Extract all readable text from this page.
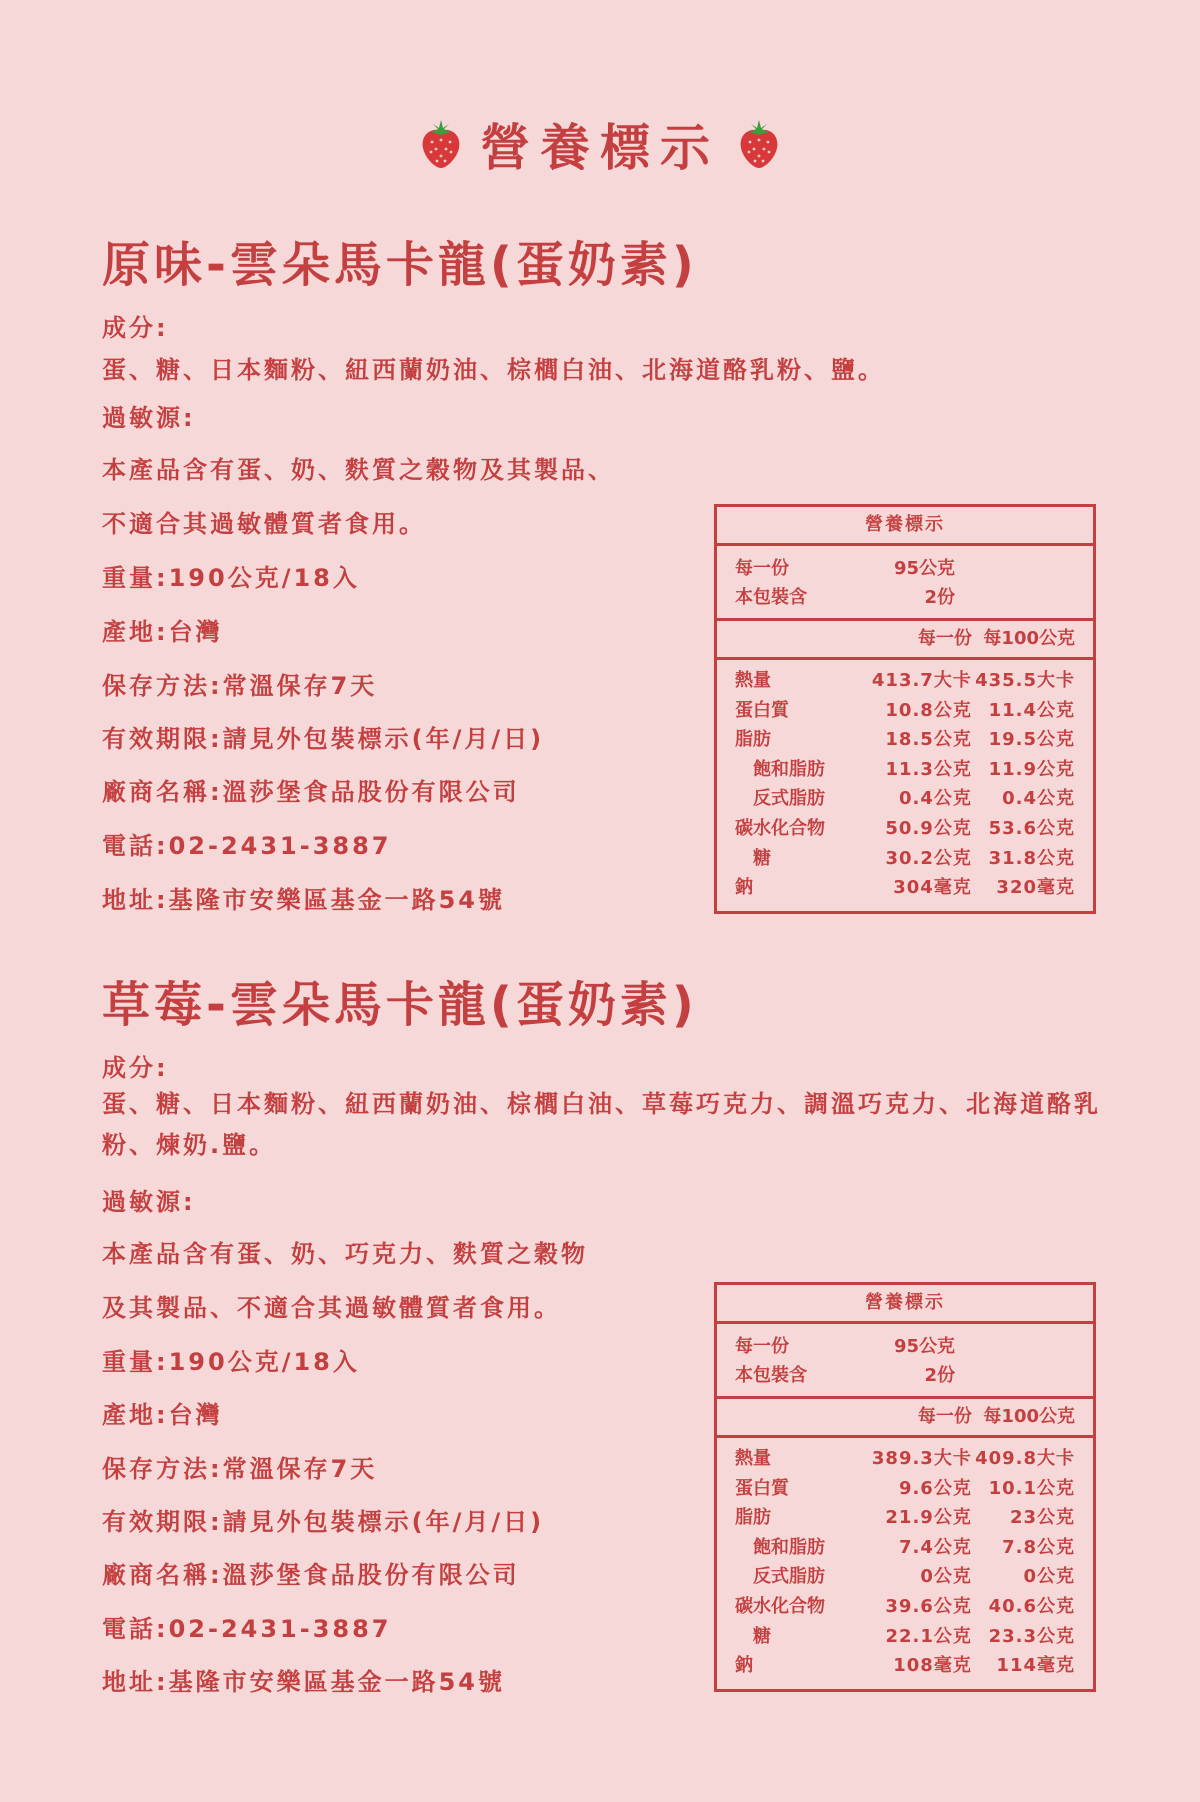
營養標示
原味-雲朵馬卡龍(蛋奶素)
成分:
蛋、糖、日本麵粉、紐西蘭奶油、棕櫚白油、北海道酪乳粉、鹽。
過敏源:
本產品含有蛋、奶、麩質之穀物及其製品、
不適合其過敏體質者食用。
重量:190公克/18入
產地:台灣
保存方法:常溫保存7天
有效期限:請見外包裝標示(年/月/日)
廠商名稱:溫莎堡食品股份有限公司
電話:02-2431-3887
地址:基隆市安樂區基金一路54號
營養標示
每一份	95公克
本包裝含	2份
每一份 每100公克
熱量	413.7大卡 435.5大卡
蛋白質	10.8公克 11.4公克
脂肪	18.5公克 19.5公克
飽和脂肪	11.3公克 11.9公克
反式脂肪	0.4公克	0.4公克
碳水化合物	50.9公克 53.6公克
糖	30.2公克 31.8公克
鈉	304毫克	320毫克
草莓-雲朵馬卡龍(蛋奶素)
成分:
蛋、糖、日本麵粉、紐西蘭奶油、棕櫚白油、草莓巧克力、調溫巧克力、北海道酪乳粉、煉奶.鹽。
過敏源:
本產品含有蛋、奶、巧克力、麩質之穀物
及其製品、不適合其過敏體質者食用。
重量:190公克/18入
產地:台灣
保存方法:常溫保存7天
有效期限:請見外包裝標示(年/月/日)
廠商名稱:溫莎堡食品股份有限公司
電話:02-2431-3887
地址:基隆市安樂區基金一路54號
營養標示
每一份	95公克
本包裝含	2份
每一份 每100公克
熱量	389.3大卡 409.8大卡
蛋白質	9.6公克 10.1公克
脂肪	21.9公克	23公克
飽和脂肪	7.4公克	7.8公克
反式脂肪	0公克	0公克
碳水化合物	39.6公克 40.6公克
糖	22.1公克 23.3公克
鈉	108毫克	114毫克
